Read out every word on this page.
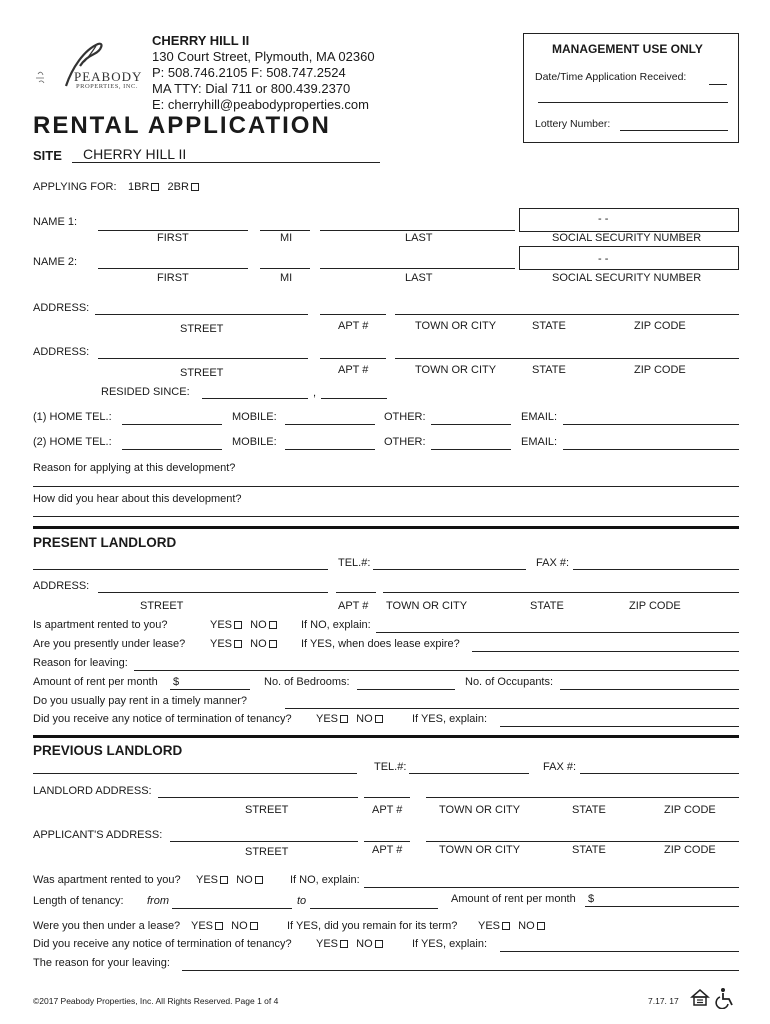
PEABODY
PROPERTIES, INC.
CHERRY HILL II
130 Court Street, Plymouth, MA 02360
P: 508.746.2105 F: 508.747.2524
MA TTY: Dial 711 or 800.439.2370
E: cherryhill@peabodyproperties.com
RENTAL APPLICATION
SITE CHERRY HILL II
MANAGEMENT USE ONLY
Date/Time Application Received:
Lottery Number:
APPLYING FOR: 1BR 2BR
NAME 1:	- -
FIRST	MI	LAST	SOCIAL SECURITY NUMBER
NAME 2:	- -
FIRST	MI	LAST	SOCIAL SECURITY NUMBER
ADDRESS:
STREET	APT #	TOWN OR CITY	STATE	ZIP CODE
ADDRESS:
STREET	APT #	TOWN OR CITY	STATE	ZIP CODE
RESIDED SINCE:	,
(1) HOME TEL.:	MOBILE:	OTHER:	EMAIL:
(2) HOME TEL.:	MOBILE:	OTHER:	EMAIL:
Reason for applying at this development?
How did you hear about this development?
PRESENT LANDLORD
TEL.#:	FAX #:
ADDRESS:
STREET	APT # TOWN OR CITY	STATE	ZIP CODE
Is apartment rented to you?	YES NO	If NO, explain:
Are you presently under lease? YES NO	If YES, when does lease expire?
Reason for leaving:
Amount of rent per month $	No. of Bedrooms:	No. of Occupants:
Do you usually pay rent in a timely manner?
Did you receive any notice of termination of tenancy? YES NO	If YES, explain:
PREVIOUS LANDLORD
TEL.#:	FAX #:
LANDLORD ADDRESS:
STREET	APT #	TOWN OR CITY	STATE	ZIP CODE
APPLICANT'S ADDRESS:
STREET	APT #	TOWN OR CITY	STATE	ZIP CODE
Was apartment rented to you? YES NO	If NO, explain:
Length of tenancy: from	to	Amount of rent per month $
Were you then under a lease? YES NO	If YES, did you remain for its term? YES NO
Did you receive any notice of termination of tenancy? YES NO	If YES, explain:
The reason for your leaving:
©2017 Peabody Properties, Inc. All Rights Reserved. Page 1 of 4	7.17. 17
